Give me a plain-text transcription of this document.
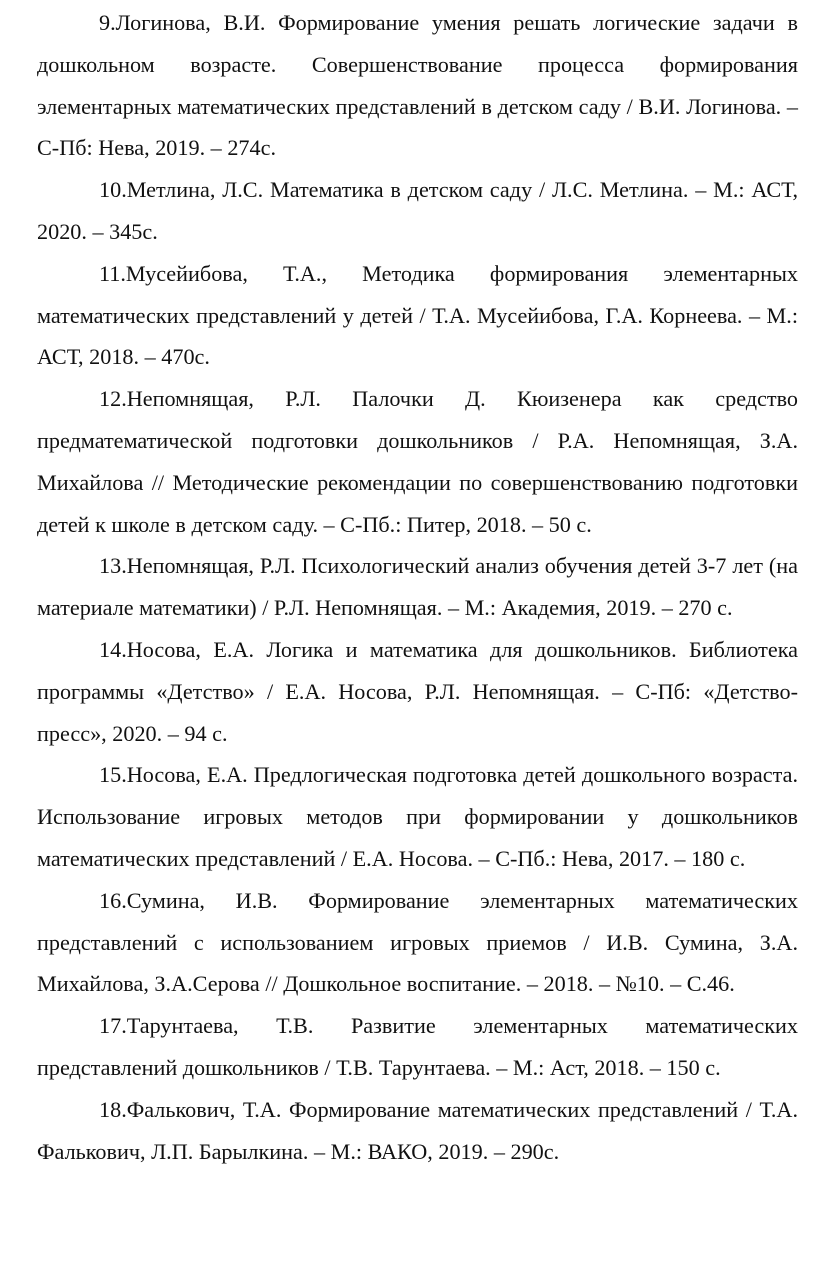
9.Логинова, В.И. Формирование умения решать логические задачи в дошкольном возрасте. Совершенствование процесса формирования элементарных математических представлений в детском саду / В.И. Логинова. – С-Пб: Нева, 2019. – 274с.
10.Метлина, Л.С. Математика в детском саду / Л.С. Метлина. – М.: АСТ, 2020. – 345с.
11.Мусейибова, Т.А., Методика формирования элементарных математических представлений у детей / Т.А. Мусейибова, Г.А. Корнеева. – М.: АСТ, 2018. – 470с.
12.Непомнящая, Р.Л. Палочки Д. Кюизенера как средство предматематической подготовки дошкольников / Р.А. Непомнящая, З.А. Михайлова // Методические рекомендации по совершенствованию подготовки детей к школе в детском саду. – С-Пб.: Питер, 2018. – 50 с.
13.Непомнящая, Р.Л. Психологический анализ обучения детей 3-7 лет (на материале математики) / Р.Л. Непомнящая. – М.: Академия, 2019. – 270 с.
14.Носова, Е.А. Логика и математика для дошкольников. Библиотека программы «Детство» / Е.А. Носова, Р.Л. Непомнящая. – С-Пб: «Детство-пресс», 2020. – 94 с.
15.Носова, Е.А. Предлогическая подготовка детей дошкольного возраста. Использование игровых методов при формировании у дошкольников математических представлений / Е.А. Носова. – С-Пб.: Нева, 2017. – 180 с.
16.Сумина, И.В. Формирование элементарных математических представлений с использованием игровых приемов / И.В. Сумина, З.А. Михайлова, З.А.Серова // Дошкольное воспитание. – 2018. – №10. – С.46.
17.Тарунтаева, Т.В. Развитие элементарных математических представлений дошкольников / Т.В. Тарунтаева. – М.: Аст, 2018. – 150 с.
18.Фалькович, Т.А. Формирование математических представлений / Т.А. Фалькович, Л.П. Барылкина. – М.: ВАКО, 2019. – 290с.
